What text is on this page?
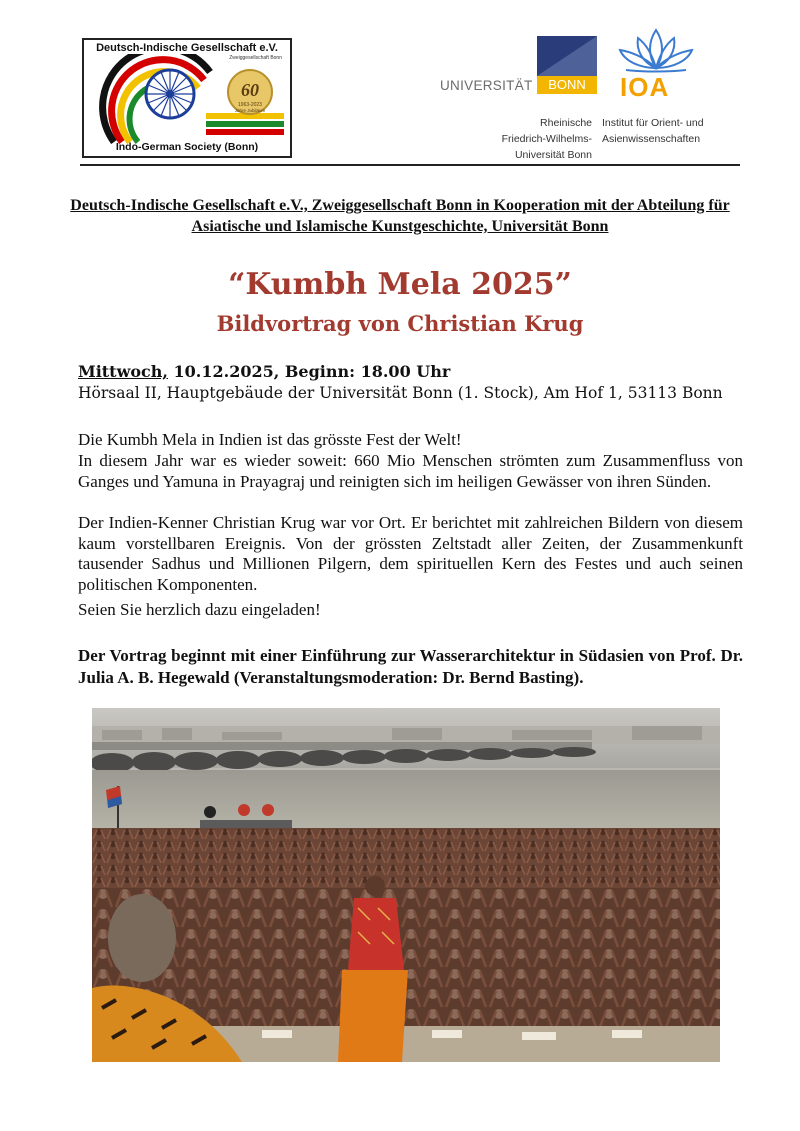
Deutsch-Indische Gesellschaft e.V.
Zweiggesellschaft Bonn
60
1963-2023
Jahre Jubiläum
Indo-German Society (Bonn)
UNIVERSITÄT	BONN	IOA
Rheinische
Friedrich-Wilhelms-
Universität Bonn
Institut für Orient- und
Asienwissenschaften
Deutsch-Indische Gesellschaft e.V., Zweiggesellschaft Bonn in Kooperation mit der Abteilung für Asiatische und Islamische Kunstgeschichte, Universität Bonn
“Kumbh Mela 2025”
Bildvortrag von Christian Krug
Mittwoch, 10.12.2025, Beginn: 18.00 Uhr
Hörsaal II, Hauptgebäude der Universität Bonn (1. Stock), Am Hof 1, 53113 Bonn
Die Kumbh Mela in Indien ist das grösste Fest der Welt!
In diesem Jahr war es wieder soweit: 660 Mio Menschen strömten zum Zusammenfluss von Ganges und Yamuna in Prayagraj und reinigten sich im heiligen Gewässer von ihren Sünden.
Der Indien-Kenner Christian Krug war vor Ort. Er berichtet mit zahlreichen Bildern von diesem kaum vorstellbaren Ereignis. Von der grössten Zeltstadt aller Zeiten, der Zusammenkunft tausender Sadhus und Millionen Pilgern, dem spirituellen Kern des Festes und auch seinen politischen Komponenten.
Seien Sie herzlich dazu eingeladen!
Der Vortrag beginnt mit einer Einführung zur Wasserarchitektur in Südasien von Prof. Dr. Julia A. B. Hegewald (Veranstaltungsmoderation: Dr. Bernd Basting).
